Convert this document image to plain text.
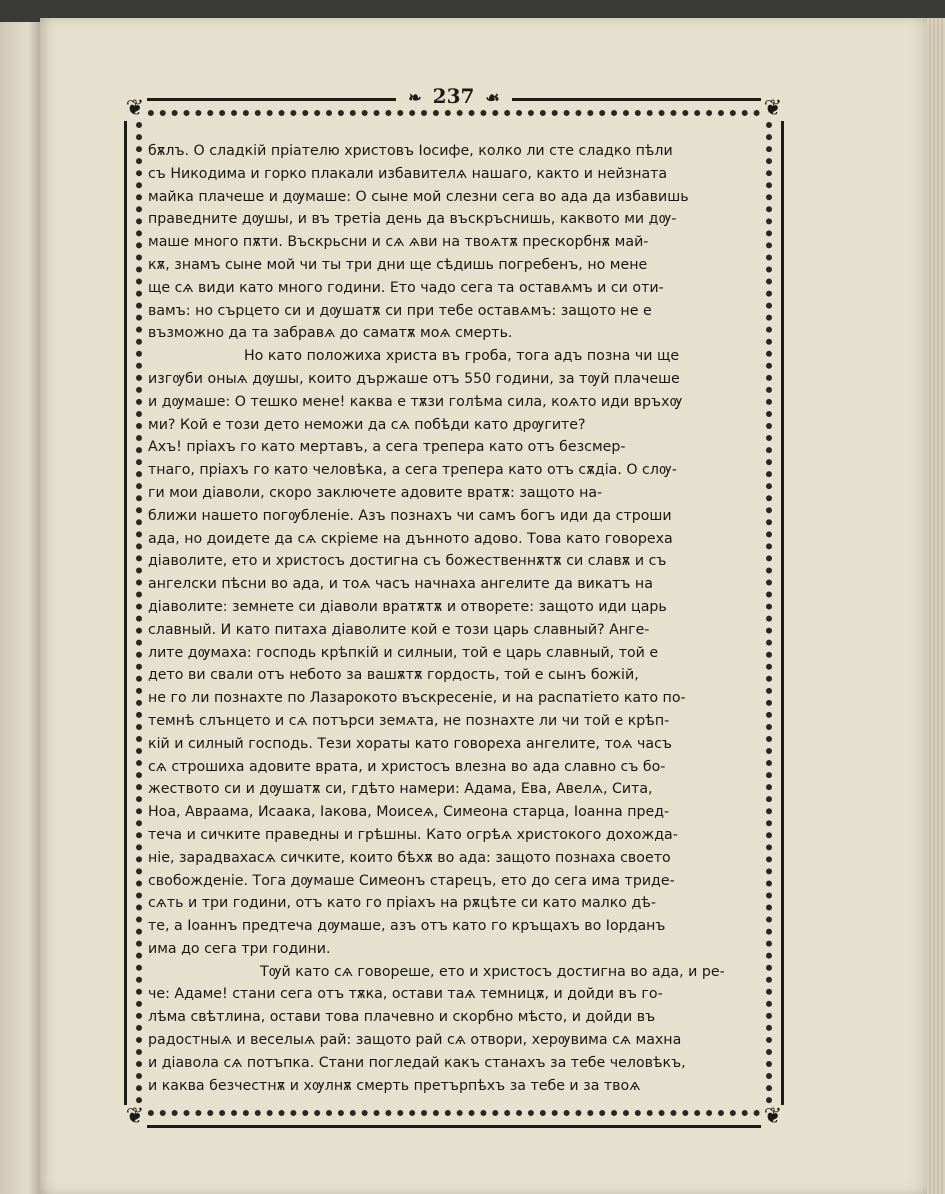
❦	❦
❦	❦
❧ 237 ☙
бѫлъ. О сладкій пріателю христовъ Іосифе, колко ли сте сладко пѣли
съ Никодима и горко плакали избавителѧ нашаго, както и нейзната
майка плачеше и дѹмаше: О сыне мой слезни сега во ада да избавишь
праведните дѹшы, и въ третіа день да въскръснишь, каквото ми дѹ-
маше много пѫти. Въскрьсни и сѧ ѧви на твоѧтѫ прескорбнѫ май-
кѫ, знамъ сыне мой чи ты три дни ще сѣдишь погребенъ, но мене
ще сѧ види като много години. Ето чадо сега та оставѧмъ и си оти-
вамъ: но сърцето си и дѹшатѫ си при тебе оставѧмъ: защото не е
възможно да та забравѧ до саматѫ моѧ смерть.
Но като положиха христа въ гроба, тога адъ позна чи ще
изгѹби оныѧ дѹшы, които държаше отъ 550 години, за тѹй плачеше
и дѹмаше: О тешко мене! каква е тѫзи голѣма сила, коѧто иди връхѹ
ми? Кой е този дето неможи да сѧ побѣди като дрѹгите?
Ахъ! пріахъ го като мертавъ, а сега трепера като отъ безсмер-
тнаго, пріахъ го като человѣка, а сега трепера като отъ сѫдіа. О слѹ-
ги мои діаволи, скоро заключете адовите вратѫ: защото на-
ближи нашето погѹбленіе. Азъ познахъ чи самъ богъ иди да строши
ада, но доидете да сѧ скріеме на дънното адово. Това като говореха
діаволите, ето и христосъ достигна съ божественнѫтѫ си славѫ и съ
ангелски пѣсни во ада, и тоѧ часъ начнаха ангелите да викатъ на
діаволите: земнете си діаволи вратѫтѫ и отворете: защото иди царь
славный. И като питаха діаволите кой е този царь славный? Анге-
лите дѹмаха: господь крѣпкій и силныи, той е царь славный, той е
дето ви свали отъ небото за вашѫтѫ гордость, той е сынъ божій,
не го ли познахте по Лазарокото въскресеніе, и на распатіето като по-
темнѣ слънцето и сѧ потърси земѧта, не познахте ли чи той е крѣп-
кій и силный господь. Тези хораты като говореха ангелите, тоѧ часъ
сѧ строшиха адовите врата, и христосъ влезна во ада славно съ бо-
жеството си и дѹшатѫ си, гдѣто намери: Адама, Ева, Авелѧ, Сита,
Ноа, Авраама, Исаака, Іакова, Моисеѧ, Симеона старца, Іоанна пред-
теча и сичките праведны и грѣшны. Като огрѣѧ христокого дохожда-
ніе, зарадвахасѧ сичките, които бѣхѫ во ада: защото познаха своето
свобожденіе. Тога дѹмаше Симеонъ старецъ, ето до сега има триде-
сѧть и три години, отъ като го пріахъ на рѫцѣте си като малко дѣ-
те, а Іоаннъ предтеча дѹмаше, азъ отъ като го кръщахъ во Iорданъ
има до сега три години.
Тѹй като сѧ говореше, ето и христосъ достигна во ада, и ре-
че: Адаме! стани сега отъ тѫка, остави таѧ темницѫ, и дойди въ го-
лѣма свѣтлина, остави това плачевно и скорбно мѣсто, и дойди въ
радостныѧ и веселыѧ рай: защото рай сѧ отвори, херѹвима сѧ махна
и діавола сѧ потъпка. Стани погледай какъ станахъ за тебе человѣкъ,
и каква безчестнѫ и хѹлнѫ смерть претърпѣхъ за тебе и за твоѧ
